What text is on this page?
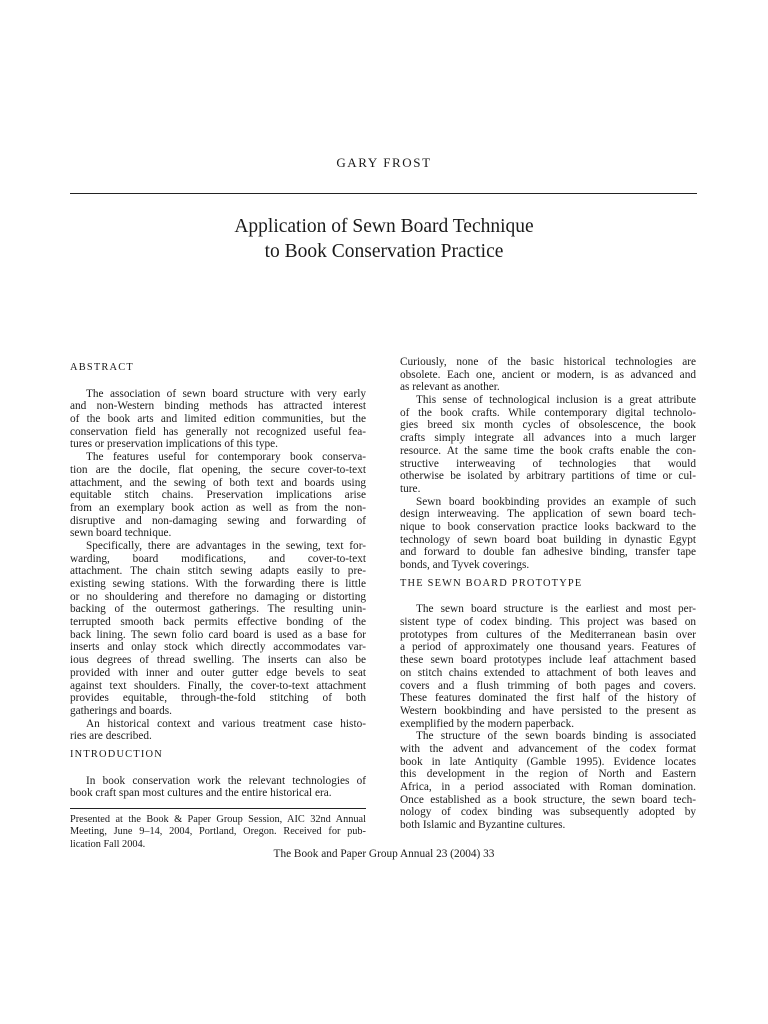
GARY FROST
Application of Sewn Board Technique
to Book Conservation Practice
ABSTRACT
The association of sewn board structure with very early
and non-Western binding methods has attracted interest
of the book arts and limited edition communities, but the
conservation field has generally not recognized useful fea-
tures or preservation implications of this type.
The features useful for contemporary book conserva-
tion are the docile, flat opening, the secure cover-to-text
attachment, and the sewing of both text and boards using
equitable stitch chains. Preservation implications arise
from an exemplary book action as well as from the non-
disruptive and non-damaging sewing and forwarding of
sewn board technique.
Specifically, there are advantages in the sewing, text for-
warding, board modifications, and cover-to-text
attachment. The chain stitch sewing adapts easily to pre-
existing sewing stations. With the forwarding there is little
or no shouldering and therefore no damaging or distorting
backing of the outermost gatherings. The resulting unin-
terrupted smooth back permits effective bonding of the
back lining. The sewn folio card board is used as a base for
inserts and onlay stock which directly accommodates var-
ious degrees of thread swelling. The inserts can also be
provided with inner and outer gutter edge bevels to seat
against text shoulders. Finally, the cover-to-text attachment
provides equitable, through-the-fold stitching of both
gatherings and boards.
An historical context and various treatment case histo-
ries are described.
INTRODUCTION
In book conservation work the relevant technologies of
book craft span most cultures and the entire historical era.
Presented at the Book & Paper Group Session, AIC 32nd Annual
Meeting, June 9–14, 2004, Portland, Oregon. Received for pub-
lication Fall 2004.
Curiously, none of the basic historical technologies are
obsolete. Each one, ancient or modern, is as advanced and
as relevant as another.
This sense of technological inclusion is a great attribute
of the book crafts. While contemporary digital technolo-
gies breed six month cycles of obsolescence, the book
crafts simply integrate all advances into a much larger
resource. At the same time the book crafts enable the con-
structive interweaving of technologies that would
otherwise be isolated by arbitrary partitions of time or cul-
ture.
Sewn board bookbinding provides an example of such
design interweaving. The application of sewn board tech-
nique to book conservation practice looks backward to the
technology of sewn board boat building in dynastic Egypt
and forward to double fan adhesive binding, transfer tape
bonds, and Tyvek coverings.
THE SEWN BOARD PROTOTYPE
The sewn board structure is the earliest and most per-
sistent type of codex binding. This project was based on
prototypes from cultures of the Mediterranean basin over
a period of approximately one thousand years. Features of
these sewn board prototypes include leaf attachment based
on stitch chains extended to attachment of both leaves and
covers and a flush trimming of both pages and covers.
These features dominated the first half of the history of
Western bookbinding and have persisted to the present as
exemplified by the modern paperback.
The structure of the sewn boards binding is associated
with the advent and advancement of the codex format
book in late Antiquity (Gamble 1995). Evidence locates
this development in the region of North and Eastern
Africa, in a period associated with Roman domination.
Once established as a book structure, the sewn board tech-
nology of codex binding was subsequently adopted by
both Islamic and Byzantine cultures.
The Book and Paper Group Annual 23 (2004) 33
